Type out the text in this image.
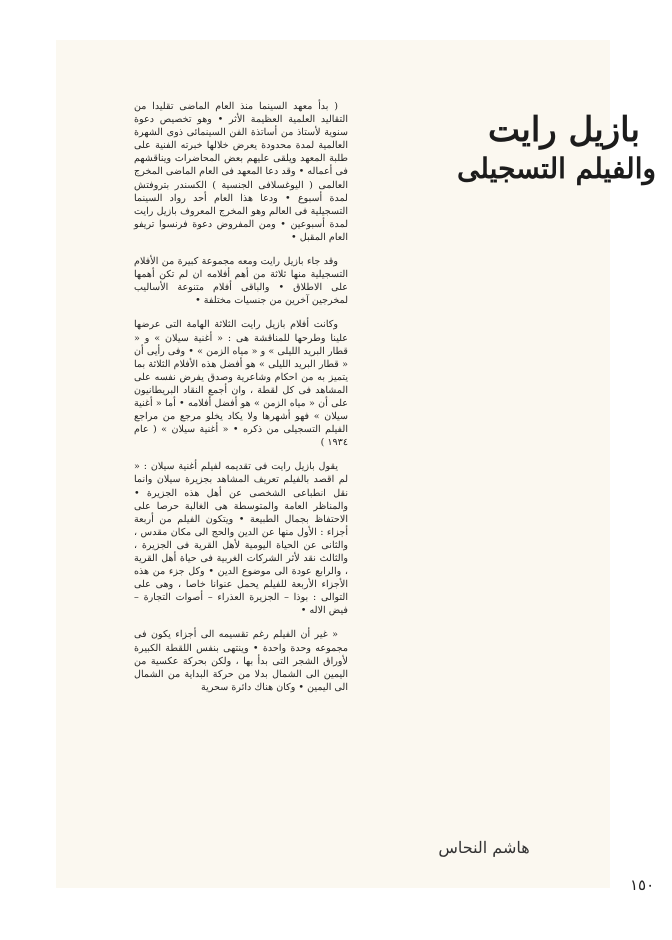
بازيل رايت
والفيلم التسجيلى

( بدأ معهد السينما منذ العام الماضى تقليدا من التقاليد العلمية العظيمة الأثر • وهو تخصيص دعوة سنوية لأستاذ من أساتذة الفن السينمائى ذوى الشهرة العالمية لمدة محدودة يعرض خلالها خبرته الفنية على طلبة المعهد ويلقى عليهم بعض المحاضرات ويناقشهم فى أعماله • وقد دعا المعهد فى العام الماضى المخرج العالمى ( اليوغسلافى الجنسية ) الكسندر بتروفتش لمدة أسبوع • ودعا هذا العام أحد رواد السينما التسجيلية فى العالم وهو المخرج المعروف بازيل رايت لمدة أسبوعين • ومن المفروض دعوة فرنسوا تريفو العام المقبل •

وقد جاء بازيل رايت ومعه مجموعة كبيرة من الأفلام التسجيلية منها ثلاثة من أهم أفلامه ان لم تكن أهمها على الاطلاق • والباقى أفلام متنوعة الأساليب لمخرجين آخرين من جنسيات مختلفة •

وكانت أفلام بازيل رايت الثلاثة الهامة التى عرضها علينا وطرحها للمناقشة هى : « أغنية سيلان » و « قطار البريد الليلى » و « مياه الزمن » • وفى رأيى أن « قطار البريد الليلى » هو أفضل هذه الأفلام الثلاثة بما يتميز به من احكام وشاعرية وصدق يفرض نفسه على المشاهد فى كل لقطة ، وان أجمع النقاد البريطانيون على أن « مياه الزمن » هو أفضل أفلامه • أما « أغنية سيلان » فهو أشهرها ولا يكاد يخلو مرجع من مراجع الفيلم التسجيلى من ذكره • « أغنية سيلان » ( عام ١٩٣٤ )

يقول بازيل رايت فى تقديمه لفيلم أغنية سيلان : « لم اقصد بالفيلم تعريف المشاهد بجزيرة سيلان وانما نقل انطباعى الشخصى عن أهل هذه الجزيرة • والمناظر العامة والمتوسطة هى الغالبة حرصا على الاحتفاظ بجمال الطبيعة • ويتكون الفيلم من أربعة أجزاء : الأول منها عن الدين والحج الى مكان مقدس ، والثانى عن الحياة اليومية لأهل القرية فى الجزيرة ، والثالث نقد لأثر الشركات الغربية فى حياة أهل القرية ، والرابع عودة الى موضوع الدين • وكل جزء من هذه الأجزاء الأربعة للفيلم يحمل عنوانا خاصا ، وهى على التوالى : بوذا – الجزيرة العذراء – أصوات التجارة – فيض الاله •

« غير أن الفيلم رغم تقسيمه الى أجزاء يكون فى مجموعه وحدة واحدة • وينتهى بنفس اللقطة الكبيرة لأوراق الشجر التى بدأ بها ، ولكن بحركة عكسية من اليمين الى الشمال بدلا من حركة البداية من الشمال الى اليمين • وكان هناك دائرة سحرية

هاشم النحاس
١٥٠
